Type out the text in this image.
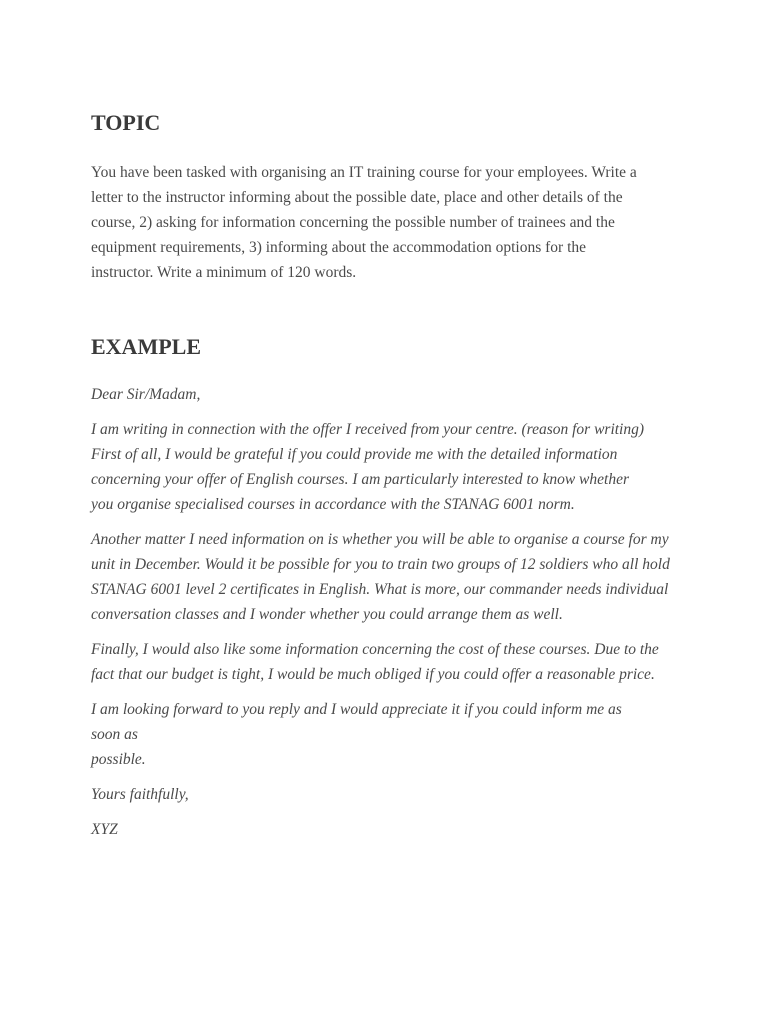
TOPIC

You have been tasked with organising an IT training course for your employees. Write a letter to the instructor informing about the possible date, place and other details of the course, 2) asking for information concerning the possible number of trainees and the equipment requirements, 3) informing about the accommodation options for the instructor. Write a minimum of 120 words.

EXAMPLE

Dear Sir/Madam,

I am writing in connection with the offer I received from your centre. (reason for writing) First of all, I would be grateful if you could provide me with the detailed information concerning your offer of English courses. I am particularly interested to know whether you organise specialised courses in accordance with the STANAG 6001 norm.

Another matter I need information on is whether you will be able to organise a course for my unit in December. Would it be possible for you to train two groups of 12 soldiers who all hold STANAG 6001 level 2 certificates in English. What is more, our commander needs individual conversation classes and I wonder whether you could arrange them as well.

Finally, I would also like some information concerning the cost of these courses. Due to the fact that our budget is tight, I would be much obliged if you could offer a reasonable price.

I am looking forward to you reply and I would appreciate it if you could inform me as
soon as
possible.

Yours faithfully,

XYZ
